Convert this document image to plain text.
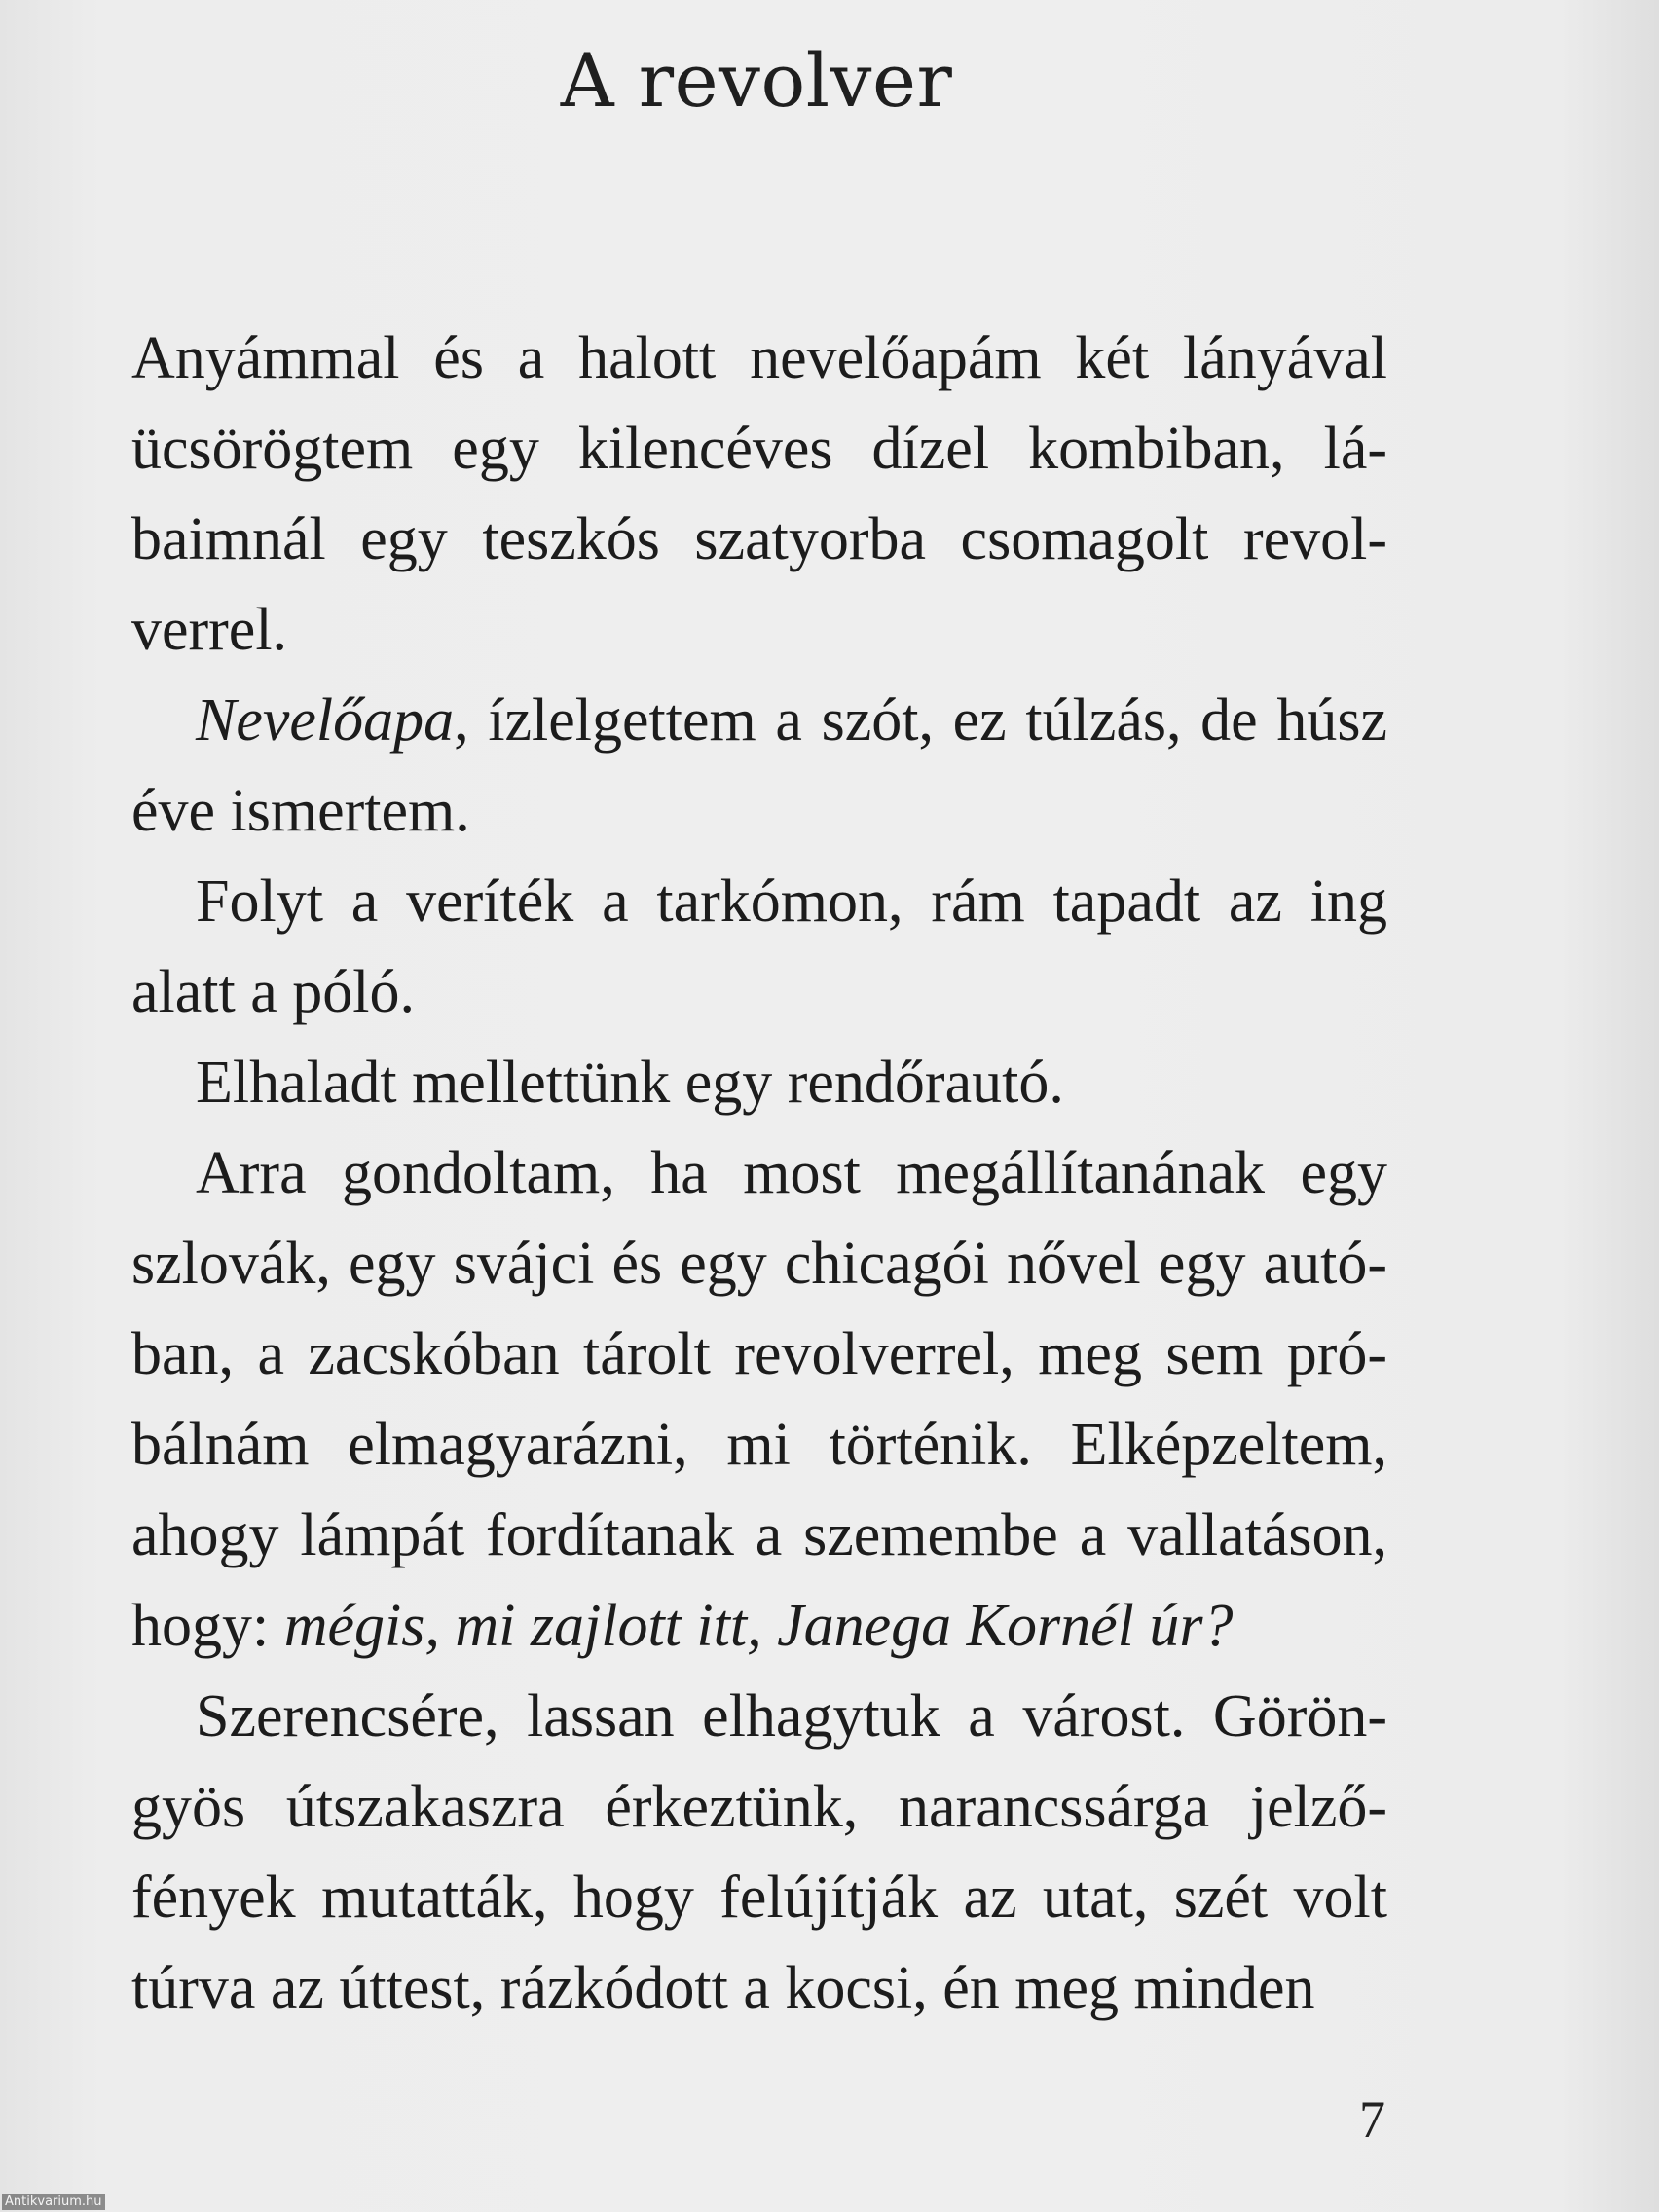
A revolver

Anyámmal és a halott nevelőapám két lányával ücsörögtem egy kilencéves dízel kombiban, lábaimnál egy teszkós szatyorba csomagolt revolverrel.

Nevelőapa, ízlelgettem a szót, ez túlzás, de húsz éve ismertem.

Folyt a veríték a tarkómon, rám tapadt az ing alatt a póló.

Elhaladt mellettünk egy rendőrautó.

Arra gondoltam, ha most megállítanának egy szlovák, egy svájci és egy chicagói nővel egy autóban, a zacskóban tárolt revolverrel, meg sem próbálnám elmagyarázni, mi történik. Elképzeltem, ahogy lámpát fordítanak a szemembe a vallatáson, hogy: mégis, mi zajlott itt, Janega Kornél úr?

Szerencsére, lassan elhagytuk a várost. Göröngyös útszakaszra érkeztünk, narancssárga jelzőfények mutatták, hogy felújítják az utat, szét volt túrva az úttest, rázkódott a kocsi, én meg minden

7
Antikvarium.hu
